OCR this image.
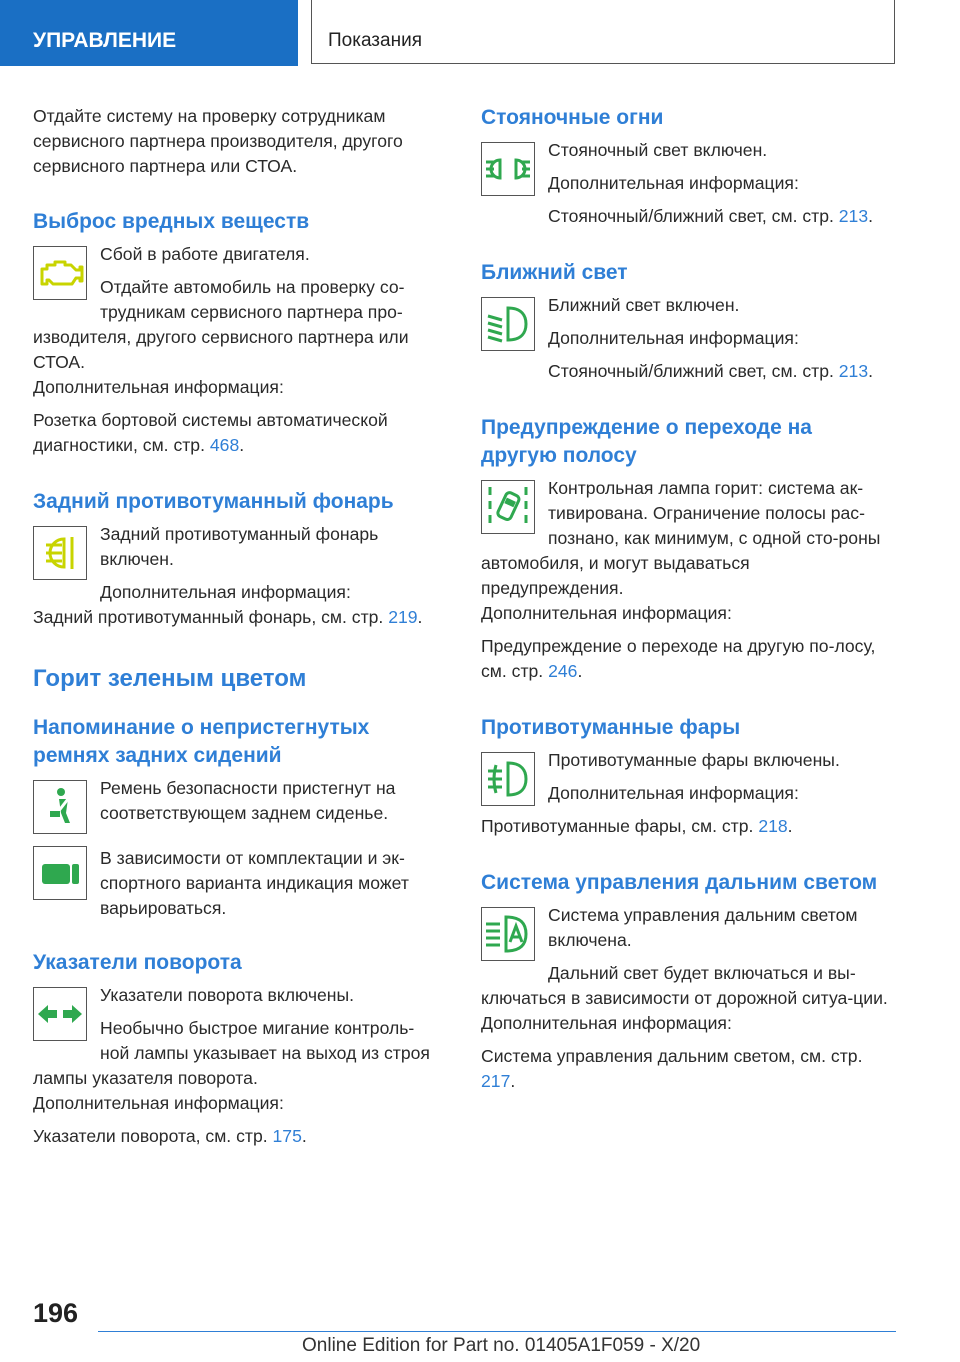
УПРАВЛЕНИЕ	Показания

Отдайте систему на проверку сотрудникам сервисного партнера производителя, другого сервисного партнера или СТОА.

Выброс вредных веществ

Сбой в работе двигателя.

Отдайте автомобиль на проверку со-трудникам сервисного партнера про-изводителя, другого сервисного партнера или СТОА.

Дополнительная информация:

Розетка бортовой системы автоматической диагностики, см. стр. 468.

Задний противотуманный фонарь

Задний противотуманный фонарь включен.

Дополнительная информация:

Задний противотуманный фонарь, см. стр. 219.

Горит зеленым цветом
Напоминание о непристегнутых ремнях задних сидений

Ремень безопасности пристегнут на соответствующем заднем сиденье.

В зависимости от комплектации и эк-спортного варианта индикация может варьироваться.

Указатели поворота

Указатели поворота включены.

Необычно быстрое мигание контроль-ной лампы указывает на выход из строя лампы указателя поворота.

Дополнительная информация:

Указатели поворота, см. стр. 175.

Стояночные огни

Стояночный свет включен.

Дополнительная информация:

Стояночный/ближний свет, см. стр. 213.

Ближний свет

Ближний свет включен.

Дополнительная информация:

Стояночный/ближний свет, см. стр. 213.

Предупреждение о переходе на другую полосу

Контрольная лампа горит: система ак-тивирована. Ограничение полосы рас-познано, как минимум, с одной сто-роны автомобиля, и могут выдаваться предупреждения.

Дополнительная информация:

Предупреждение о переходе на другую по-лосу, см. стр. 246.

Противотуманные фары

Противотуманные фары включены.

Дополнительная информация:

Противотуманные фары, см. стр. 218.

Система управления дальним светом

Система управления дальним светом включена.

Дальний свет будет включаться и вы-ключаться в зависимости от дорожной ситуа-ции.

Дополнительная информация:

Система управления дальним светом, см. стр. 217.

196
Online Edition for Part no. 01405A1F059 - X/20
